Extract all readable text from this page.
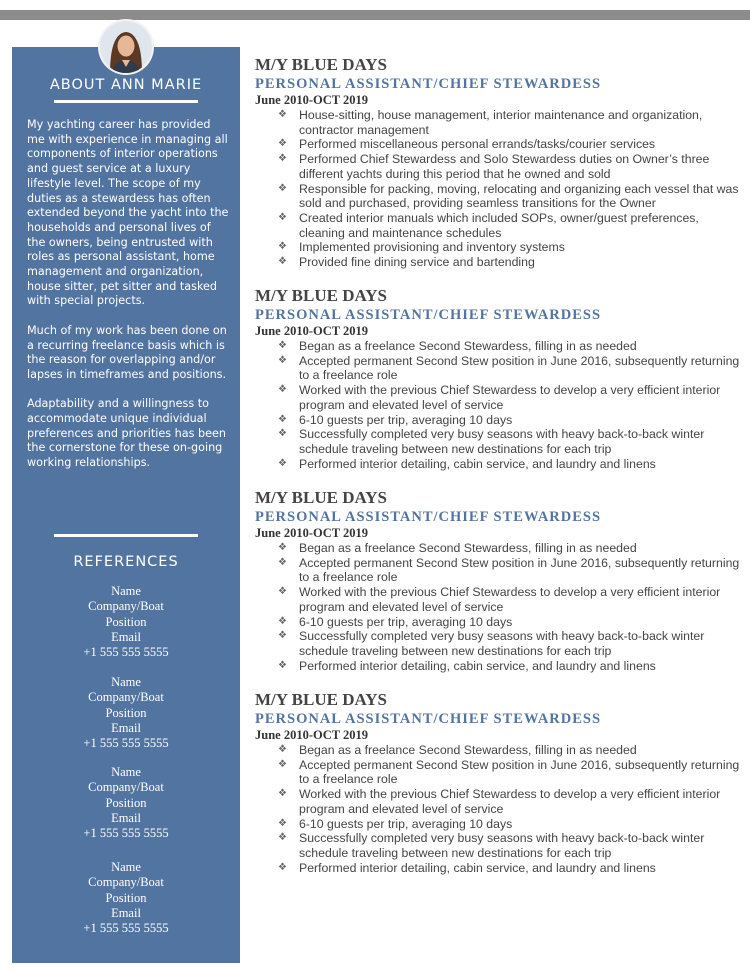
ABOUT ANN MARIE

My yachting career has provided me with experience in managing all components of interior operations and guest service at a luxury lifestyle level. The scope of my duties as a stewardess has often extended beyond the yacht into the households and personal lives of the owners, being entrusted with roles as personal assistant, home management and organization, house sitter, pet sitter and tasked with special projects.

Much of my work has been done on a recurring freelance basis which is the reason for overlapping and/or lapses in timeframes and positions.

Adaptability and a willingness to accommodate unique individual preferences and priorities has been the cornerstone for these on-going working relationships.

REFERENCES
Name
Company/Boat
Position
Email
+1 555 555 5555
Name
Company/Boat
Position
Email
+1 555 555 5555
Name
Company/Boat
Position
Email
+1 555 555 5555
Name
Company/Boat
Position
Email
+1 555 555 5555
M/Y BLUE DAYS
PERSONAL ASSISTANT/CHIEF STEWARDESS
June 2010-OCT 2019
❖ House-sitting, house management, interior maintenance and organization, contractor management
❖ Performed miscellaneous personal errands/tasks/courier services
❖ Performed Chief Stewardess and Solo Stewardess duties on Owner’s three different yachts during this period that he owned and sold
❖ Responsible for packing, moving, relocating and organizing each vessel that was sold and purchased, providing seamless transitions for the Owner
❖ Created interior manuals which included SOPs, owner/guest preferences, cleaning and maintenance schedules
❖ Implemented provisioning and inventory systems
❖ Provided fine dining service and bartending
M/Y BLUE DAYS
PERSONAL ASSISTANT/CHIEF STEWARDESS
June 2010-OCT 2019
❖ Began as a freelance Second Stewardess, filling in as needed
❖ Accepted permanent Second Stew position in June 2016, subsequently returning to a freelance role
❖ Worked with the previous Chief Stewardess to develop a very efficient interior program and elevated level of service
❖ 6-10 guests per trip, averaging 10 days
❖ Successfully completed very busy seasons with heavy back-to-back winter schedule traveling between new destinations for each trip
❖ Performed interior detailing, cabin service, and laundry and linens
M/Y BLUE DAYS
PERSONAL ASSISTANT/CHIEF STEWARDESS
June 2010-OCT 2019
❖ Began as a freelance Second Stewardess, filling in as needed
❖ Accepted permanent Second Stew position in June 2016, subsequently returning to a freelance role
❖ Worked with the previous Chief Stewardess to develop a very efficient interior program and elevated level of service
❖ 6-10 guests per trip, averaging 10 days
❖ Successfully completed very busy seasons with heavy back-to-back winter schedule traveling between new destinations for each trip
❖ Performed interior detailing, cabin service, and laundry and linens
M/Y BLUE DAYS
PERSONAL ASSISTANT/CHIEF STEWARDESS
June 2010-OCT 2019
❖ Began as a freelance Second Stewardess, filling in as needed
❖ Accepted permanent Second Stew position in June 2016, subsequently returning to a freelance role
❖ Worked with the previous Chief Stewardess to develop a very efficient interior program and elevated level of service
❖ 6-10 guests per trip, averaging 10 days
❖ Successfully completed very busy seasons with heavy back-to-back winter schedule traveling between new destinations for each trip
❖ Performed interior detailing, cabin service, and laundry and linens
